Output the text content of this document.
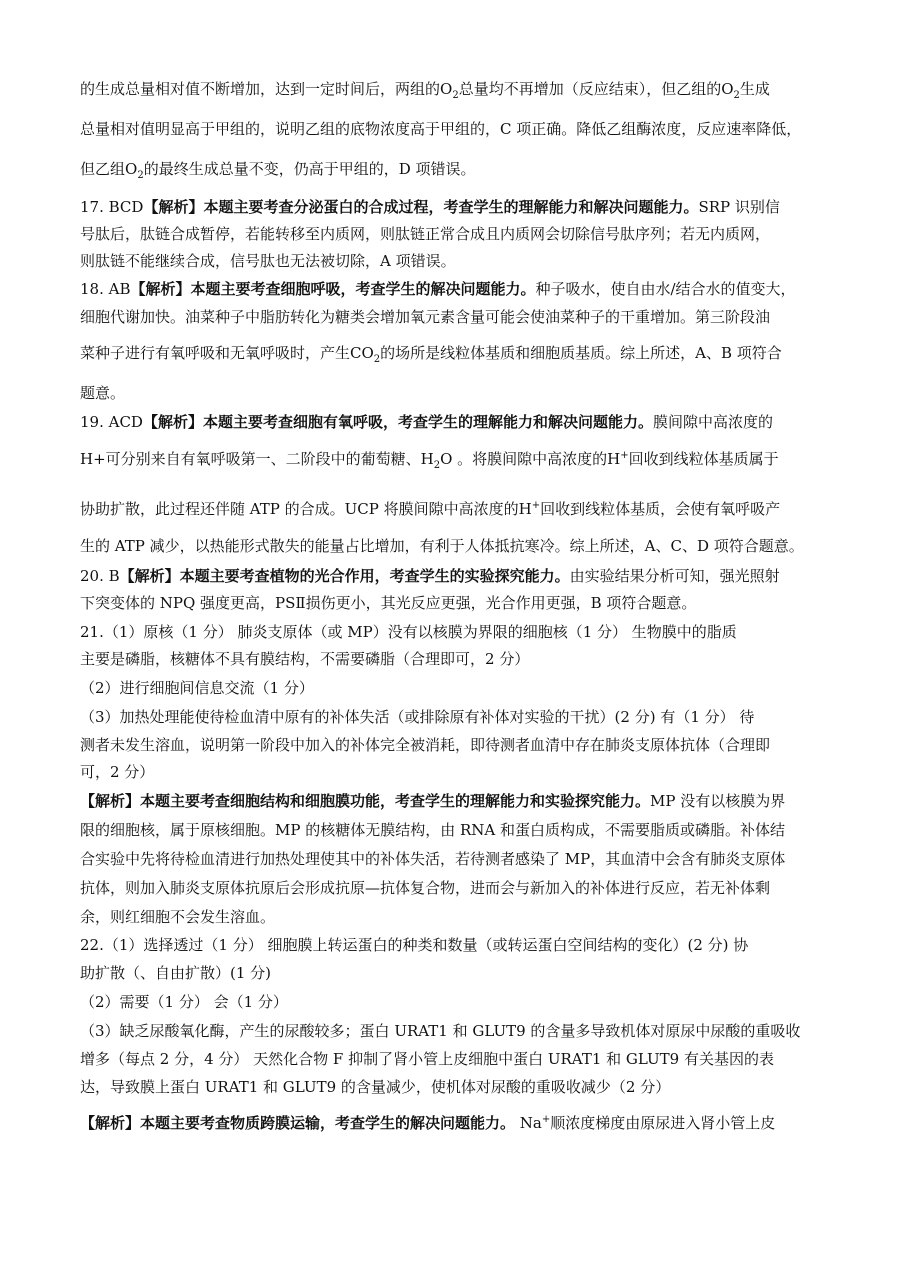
的生成总量相对值不断增加，达到一定时间后，两组的$O_2$总量均不再增加（反应结束），但乙组的$O_2$生成
总量相对值明显高于甲组的，说明乙组的底物浓度高于甲组的，C 项正确。降低乙组酶浓度，反应速率降低，
但乙组$O_2$的最终生成总量不变，仍高于甲组的，D 项错误。
17. BCD【解析】本题主要考查分泌蛋白的合成过程，考查学生的理解能力和解决问题能力。SRP 识别信
号肽后，肽链合成暂停，若能转移至内质网，则肽链正常合成且内质网会切除信号肽序列；若无内质网，
则肽链不能继续合成，信号肽也无法被切除，A 项错误。
18. AB【解析】本题主要考查细胞呼吸，考查学生的解决问题能力。种子吸水，使自由水/结合水的值变大，
细胞代谢加快。油菜种子中脂肪转化为糖类会增加氧元素含量可能会使油菜种子的干重增加。第三阶段油
菜种子进行有氧呼吸和无氧呼吸时，产生$CO_2$的场所是线粒体基质和细胞质基质。综上所述，A、B 项符合
题意。
19. ACD【解析】本题主要考查细胞有氧呼吸，考查学生的理解能力和解决问题能力。膜间隙中高浓度的
H+可分别来自有氧呼吸第一、二阶段中的葡萄糖、$H_2O$ 。将膜间隙中高浓度的H+回收到线粒体基质属于
协助扩散，此过程还伴随 ATP 的合成。UCP 将膜间隙中高浓度的H+回收到线粒体基质，会使有氧呼吸产
生的 ATP 减少，以热能形式散失的能量占比增加，有利于人体抵抗寒冷。综上所述，A、C、D 项符合题意。
20. B【解析】本题主要考查植物的光合作用，考查学生的实验探究能力。由实验结果分析可知，强光照射
下突变体的 NPQ 强度更高，PSⅡ损伤更小，其光反应更强，光合作用更强，B 项符合题意。
21.（1）原核（1 分） 肺炎支原体（或 MP）没有以核膜为界限的细胞核（1 分） 生物膜中的脂质
主要是磷脂，核糖体不具有膜结构，不需要磷脂（合理即可，2 分）
（2）进行细胞间信息交流（1 分）
（3）加热处理能使待检血清中原有的补体失活（或排除原有补体对实验的干扰）(2 分) 有（1 分） 待
测者未发生溶血，说明第一阶段中加入的补体完全被消耗，即待测者血清中存在肺炎支原体抗体（合理即
可，2 分）
【解析】本题主要考查细胞结构和细胞膜功能，考查学生的理解能力和实验探究能力。MP 没有以核膜为界
限的细胞核，属于原核细胞。MP 的核糖体无膜结构，由 RNA 和蛋白质构成，不需要脂质或磷脂。补体结
合实验中先将待检血清进行加热处理使其中的补体失活，若待测者感染了 MP，其血清中会含有肺炎支原体
抗体，则加入肺炎支原体抗原后会形成抗原—抗体复合物，进而会与新加入的补体进行反应，若无补体剩
余，则红细胞不会发生溶血。
22.（1）选择透过（1 分） 细胞膜上转运蛋白的种类和数量（或转运蛋白空间结构的变化）(2 分) 协
助扩散（、自由扩散）(1 分)
（2）需要（1 分） 会（1 分）
（3）缺乏尿酸氧化酶，产生的尿酸较多；蛋白 URAT1 和 GLUT9 的含量多导致机体对原尿中尿酸的重吸收
增多（每点 2 分，4 分） 天然化合物 F 抑制了肾小管上皮细胞中蛋白 URAT1 和 GLUT9 有关基因的表
达，导致膜上蛋白 URAT1 和 GLUT9 的含量减少，使机体对尿酸的重吸收减少（2 分）
【解析】本题主要考查物质跨膜运输，考查学生的解决问题能力。 Na+顺浓度梯度由原尿进入肾小管上皮
